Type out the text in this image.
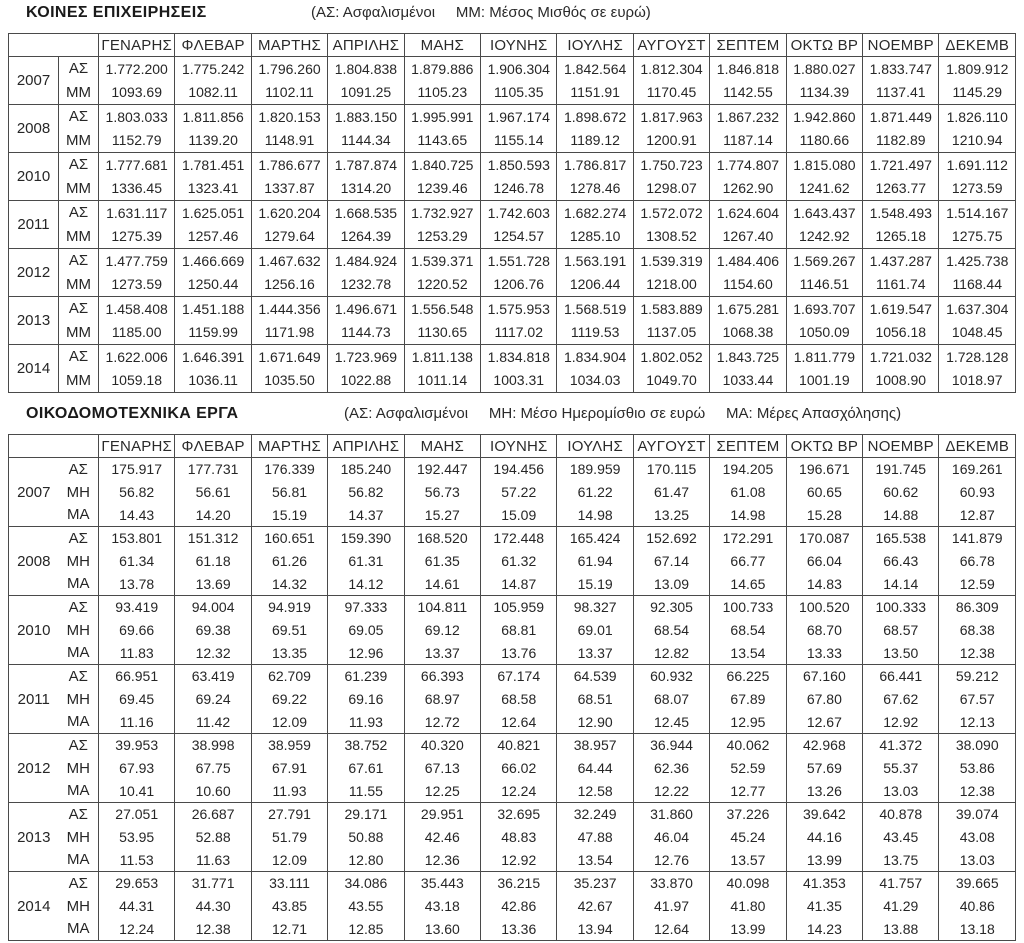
ΚΟΙΝΕΣ ΕΠΙΧΕΙΡΗΣΕΙΣ	(ΑΣ: Ασφαλισμένοι     ΜΜ: Μέσος Μισθός σε ευρώ)
		ΓΕΝΑΡΗΣ	ΦΛΕΒΑΡ	ΜΑΡΤΗΣ	ΑΠΡΙΛΗΣ	ΜΑΗΣ	ΙΟΥΝΗΣ	ΙΟΥΛΗΣ	ΑΥΓΟΥΣΤ	ΣΕΠΤΕΜ	ΟΚΤΩ ΒΡ	ΝΟΕΜΒΡ	ΔΕΚΕΜΒ
2007	ΑΣ	1.772.200	1.775.242	1.796.260	1.804.838	1.879.886	1.906.304	1.842.564	1.812.304	1.846.818	1.880.027	1.833.747	1.809.912
	ΜΜ	1093.69	1082.11	1102.11	1091.25	1105.23	1105.35	1151.91	1170.45	1142.55	1134.39	1137.41	1145.29
2008	ΑΣ	1.803.033	1.811.856	1.820.153	1.883.150	1.995.991	1.967.174	1.898.672	1.817.963	1.867.232	1.942.860	1.871.449	1.826.110
	ΜΜ	1152.79	1139.20	1148.91	1144.34	1143.65	1155.14	1189.12	1200.91	1187.14	1180.66	1182.89	1210.94
2010	ΑΣ	1.777.681	1.781.451	1.786.677	1.787.874	1.840.725	1.850.593	1.786.817	1.750.723	1.774.807	1.815.080	1.721.497	1.691.112
	ΜΜ	1336.45	1323.41	1337.87	1314.20	1239.46	1246.78	1278.46	1298.07	1262.90	1241.62	1263.77	1273.59
2011	ΑΣ	1.631.117	1.625.051	1.620.204	1.668.535	1.732.927	1.742.603	1.682.274	1.572.072	1.624.604	1.643.437	1.548.493	1.514.167
	ΜΜ	1275.39	1257.46	1279.64	1264.39	1253.29	1254.57	1285.10	1308.52	1267.40	1242.92	1265.18	1275.75
2012	ΑΣ	1.477.759	1.466.669	1.467.632	1.484.924	1.539.371	1.551.728	1.563.191	1.539.319	1.484.406	1.569.267	1.437.287	1.425.738
	ΜΜ	1273.59	1250.44	1256.16	1232.78	1220.52	1206.76	1206.44	1218.00	1154.60	1146.51	1161.74	1168.44
2013	ΑΣ	1.458.408	1.451.188	1.444.356	1.496.671	1.556.548	1.575.953	1.568.519	1.583.889	1.675.281	1.693.707	1.619.547	1.637.304
	ΜΜ	1185.00	1159.99	1171.98	1144.73	1130.65	1117.02	1119.53	1137.05	1068.38	1050.09	1056.18	1048.45
2014	ΑΣ	1.622.006	1.646.391	1.671.649	1.723.969	1.811.138	1.834.818	1.834.904	1.802.052	1.843.725	1.811.779	1.721.032	1.728.128
	ΜΜ	1059.18	1036.11	1035.50	1022.88	1011.14	1003.31	1034.03	1049.70	1033.44	1001.19	1008.90	1018.97
ΟΙΚΟΔΟΜΟΤΕΧΝΙΚΑ ΕΡΓΑ	(ΑΣ: Ασφαλισμένοι     ΜΗ: Μέσο Ημερομίσθιο σε ευρώ     ΜΑ: Μέρες Απασχόλησης)
		ΓΕΝΑΡΗΣ	ΦΛΕΒΑΡ	ΜΑΡΤΗΣ	ΑΠΡΙΛΗΣ	ΜΑΗΣ	ΙΟΥΝΗΣ	ΙΟΥΛΗΣ	ΑΥΓΟΥΣΤ	ΣΕΠΤΕΜ	ΟΚΤΩ ΒΡ	ΝΟΕΜΒΡ	ΔΕΚΕΜΒ
2007	ΑΣ	175.917	177.731	176.339	185.240	192.447	194.456	189.959	170.115	194.205	196.671	191.745	169.261
	ΜΗ	56.82	56.61	56.81	56.82	56.73	57.22	61.22	61.47	61.08	60.65	60.62	60.93
	ΜΑ	14.43	14.20	15.19	14.37	15.27	15.09	14.98	13.25	14.98	15.28	14.88	12.87
2008	ΑΣ	153.801	151.312	160.651	159.390	168.520	172.448	165.424	152.692	172.291	170.087	165.538	141.879
	ΜΗ	61.34	61.18	61.26	61.31	61.35	61.32	61.94	67.14	66.77	66.04	66.43	66.78
	ΜΑ	13.78	13.69	14.32	14.12	14.61	14.87	15.19	13.09	14.65	14.83	14.14	12.59
2010	ΑΣ	93.419	94.004	94.919	97.333	104.811	105.959	98.327	92.305	100.733	100.520	100.333	86.309
	ΜΗ	69.66	69.38	69.51	69.05	69.12	68.81	69.01	68.54	68.54	68.70	68.57	68.38
	ΜΑ	11.83	12.32	13.35	12.96	13.37	13.76	13.37	12.82	13.54	13.33	13.50	12.38
2011	ΑΣ	66.951	63.419	62.709	61.239	66.393	67.174	64.539	60.932	66.225	67.160	66.441	59.212
	ΜΗ	69.45	69.24	69.22	69.16	68.97	68.58	68.51	68.07	67.89	67.80	67.62	67.57
	ΜΑ	11.16	11.42	12.09	11.93	12.72	12.64	12.90	12.45	12.95	12.67	12.92	12.13
2012	ΑΣ	39.953	38.998	38.959	38.752	40.320	40.821	38.957	36.944	40.062	42.968	41.372	38.090
	ΜΗ	67.93	67.75	67.91	67.61	67.13	66.02	64.44	62.36	52.59	57.69	55.37	53.86
	ΜΑ	10.41	10.60	11.93	11.55	12.25	12.24	12.58	12.22	12.77	13.26	13.03	12.38
2013	ΑΣ	27.051	26.687	27.791	29.171	29.951	32.695	32.249	31.860	37.226	39.642	40.878	39.074
	ΜΗ	53.95	52.88	51.79	50.88	42.46	48.83	47.88	46.04	45.24	44.16	43.45	43.08
	ΜΑ	11.53	11.63	12.09	12.80	12.36	12.92	13.54	12.76	13.57	13.99	13.75	13.03
2014	ΑΣ	29.653	31.771	33.111	34.086	35.443	36.215	35.237	33.870	40.098	41.353	41.757	39.665
	ΜΗ	44.31	44.30	43.85	43.55	43.18	42.86	42.67	41.97	41.80	41.35	41.29	40.86
	ΜΑ	12.24	12.38	12.71	12.85	13.60	13.36	13.94	12.64	13.99	14.23	13.88	13.18
